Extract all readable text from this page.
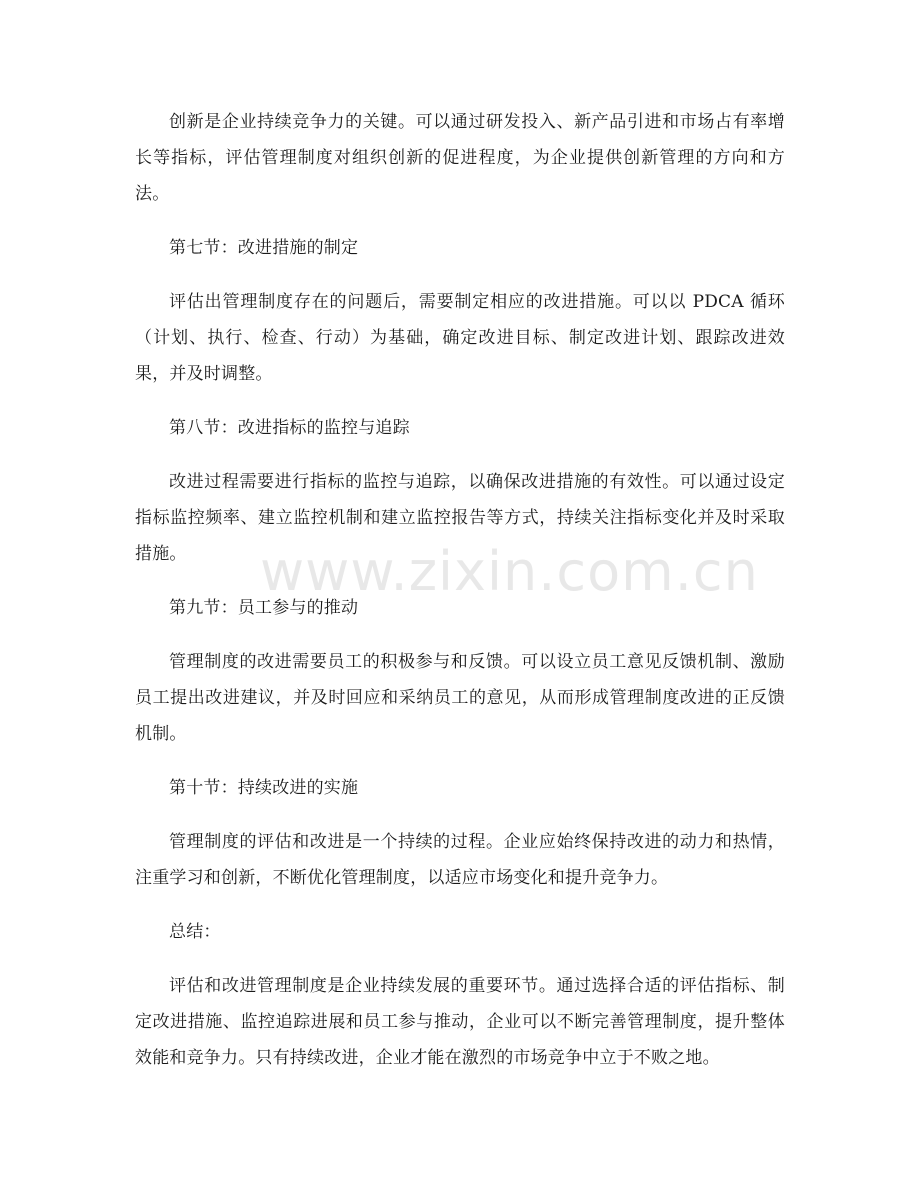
创新是企业持续竞争力的关键。可以通过研发投入、新产品引进和市场占有率增长等指标，评估管理制度对组织创新的促进程度，为企业提供创新管理的方向和方法。

第七节：改进措施的制定

评估出管理制度存在的问题后，需要制定相应的改进措施。可以以 PDCA 循环（计划、执行、检查、行动）为基础，确定改进目标、制定改进计划、跟踪改进效果，并及时调整。

第八节：改进指标的监控与追踪

改进过程需要进行指标的监控与追踪，以确保改进措施的有效性。可以通过设定指标监控频率、建立监控机制和建立监控报告等方式，持续关注指标变化并及时采取措施。

第九节：员工参与的推动

管理制度的改进需要员工的积极参与和反馈。可以设立员工意见反馈机制、激励员工提出改进建议，并及时回应和采纳员工的意见，从而形成管理制度改进的正反馈机制。

第十节：持续改进的实施

管理制度的评估和改进是一个持续的过程。企业应始终保持改进的动力和热情，注重学习和创新，不断优化管理制度，以适应市场变化和提升竞争力。

总结：

评估和改进管理制度是企业持续发展的重要环节。通过选择合适的评估指标、制定改进措施、监控追踪进展和员工参与推动，企业可以不断完善管理制度，提升整体效能和竞争力。只有持续改进，企业才能在激烈的市场竞争中立于不败之地。

www.zixin.com.cn
